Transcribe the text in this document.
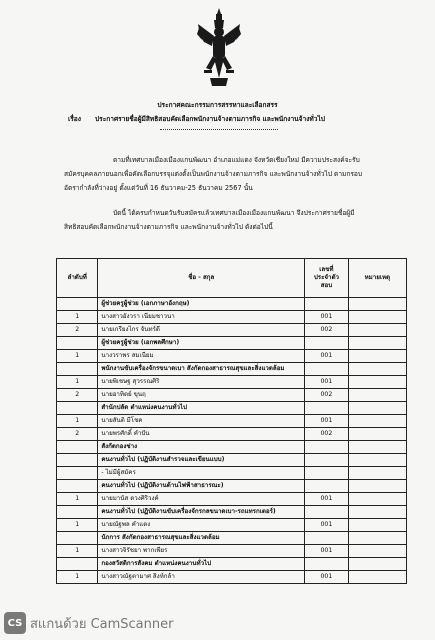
ประกาศคณะกรรมการสรรหาและเลือกสรร
เรื่อง ประกาศรายชื่อผู้มีสิทธิสอบคัดเลือกพนักงานจ้างตามภารกิจ และพนักงานจ้างทั่วไป
ตามที่เทศบาลเมืองเมืองแกนพัฒนา อำเภอแม่แตง จังหวัดเชียงใหม่ มีความประสงค์จะรับ
สมัครบุคคลภายนอกเพื่อคัดเลือกบรรจุแต่งตั้งเป็นพนักงานจ้างตามภารกิจ และพนักงานจ้างทั่วไป ตามกรอบ
อัตรากำลังที่ว่างอยู่ ตั้งแต่วันที่ 16 ธันวาคม-25 ธันวาคม 2567 นั้น
บัดนี้ ได้ครบกำหนดวันรับสมัครแล้วเทศบาลเมืองเมืองแกนพัฒนา จึงประกาศรายชื่อผู้มี
สิทธิสอบคัดเลือกพนักงานจ้างตามภารกิจ และพนักงานจ้างทั่วไป ดังต่อไปนี้
ลำดับที่	ชื่อ - สกุล	เลขที่
ประจำตัว
สอบ	หมายเหตุ
	ผู้ช่วยครูผู้ช่วย (เอกภาษาอังกฤษ)		
1	นางสาวอังวรา เนียมชาวนา	001	
2	นายเกรียงไกร จันทร์ดี	002	
	ผู้ช่วยครูผู้ช่วย (เอกพลศึกษา)		
1	นางวราพร สมเนียม	001	
	พนักงานขับเครื่องจักรขนาดเบา สังกัดกองสาธารณสุขและสิ่งแวดล้อม		
1	นายพิเชษฐ สุวรรณศิริ	001	
2	นายอาทิตย์ ขุนฤ	002	
	สำนักปลัด ตำแหน่งคนงานทั่วไป		
1	นายสันติ มีโชค	001	
2	นายพรศักดิ์ คำปัน	002	
	สังกัดกองช่าง		
	คนงานทั่วไป (ปฏิบัติงานสำรวจและเขียนแบบ)		
	- ไม่มีผู้สมัคร		
	คนงานทั่วไป (ปฏิบัติงานด้านไฟฟ้าสาธารณะ)		
1	นายมานัส ดวงศิริวงค์	001	
	คนงานทั่วไป (ปฏิบัติงานขับเครื่องจักรกลขนาดเบา-รถแทรกเตอร์)		
1	นายณัฐพล คำแดง	001	
	นักการ สังกัดกองสาธารณสุขและสิ่งแวดล้อม		
1	นางสาวจิรัชยา พากเพียร	001	
	กองสวัสดิการสังคม ตำแหน่งคนงานทั่วไป		
1	นางสาวณัฐตามาศ สิงห์กล้า	001	
CS สแกนด้วย CamScanner
